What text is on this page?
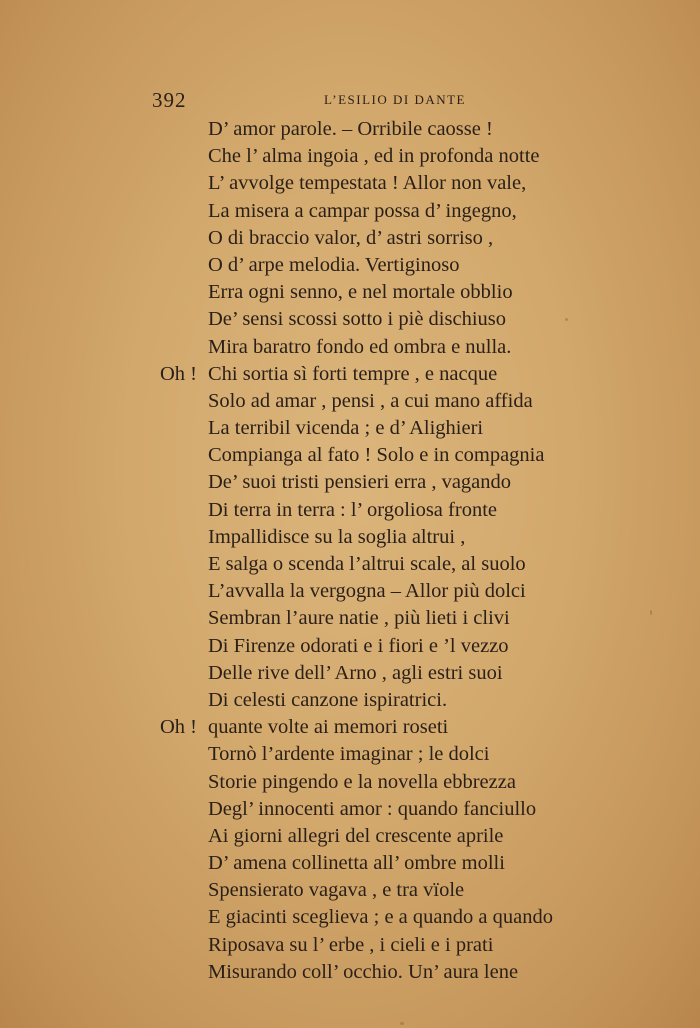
392	L’ESILIO DI DANTE
D’ amor parole. – Orribile caosse !
Che l’ alma ingoia , ed in profonda notte
L’ avvolge tempestata ! Allor non vale,
La misera a campar possa d’ ingegno,
O di braccio valor, d’ astri sorriso ,
O d’ arpe melodia. Vertiginoso
Erra ogni senno, e nel mortale obblio
De’ sensi scossi sotto i piè dischiuso
Mira baratro fondo ed ombra e nulla.
Oh ! Chi sortia sì forti tempre , e nacque
Solo ad amar , pensi , a cui mano affida
La terribil vicenda ; e d’ Alighieri
Compianga al fato ! Solo e in compagnia
De’ suoi tristi pensieri erra , vagando
Di terra in terra : l’ orgoliosa fronte
Impallidisce su la soglia altrui ,
E salga o scenda l’altrui scale, al suolo
L’avvalla la vergogna – Allor più dolci
Sembran l’aure natie , più lieti i clivi
Di Firenze odorati e i fiori e ’l vezzo
Delle rive dell’ Arno , agli estri suoi
Di celesti canzone ispiratrici.
Oh ! quante volte ai memori roseti
Tornò l’ardente imaginar ; le dolci
Storie pingendo e la novella ebbrezza
Degl’ innocenti amor : quando fanciullo
Ai giorni allegri del crescente aprile
D’ amena collinetta all’ ombre molli
Spensierato vagava , e tra vïole
E giacinti sceglieva ; e a quando a quando
Riposava su l’ erbe , i cieli e i prati
Misurando coll’ occhio. Un’ aura lene
